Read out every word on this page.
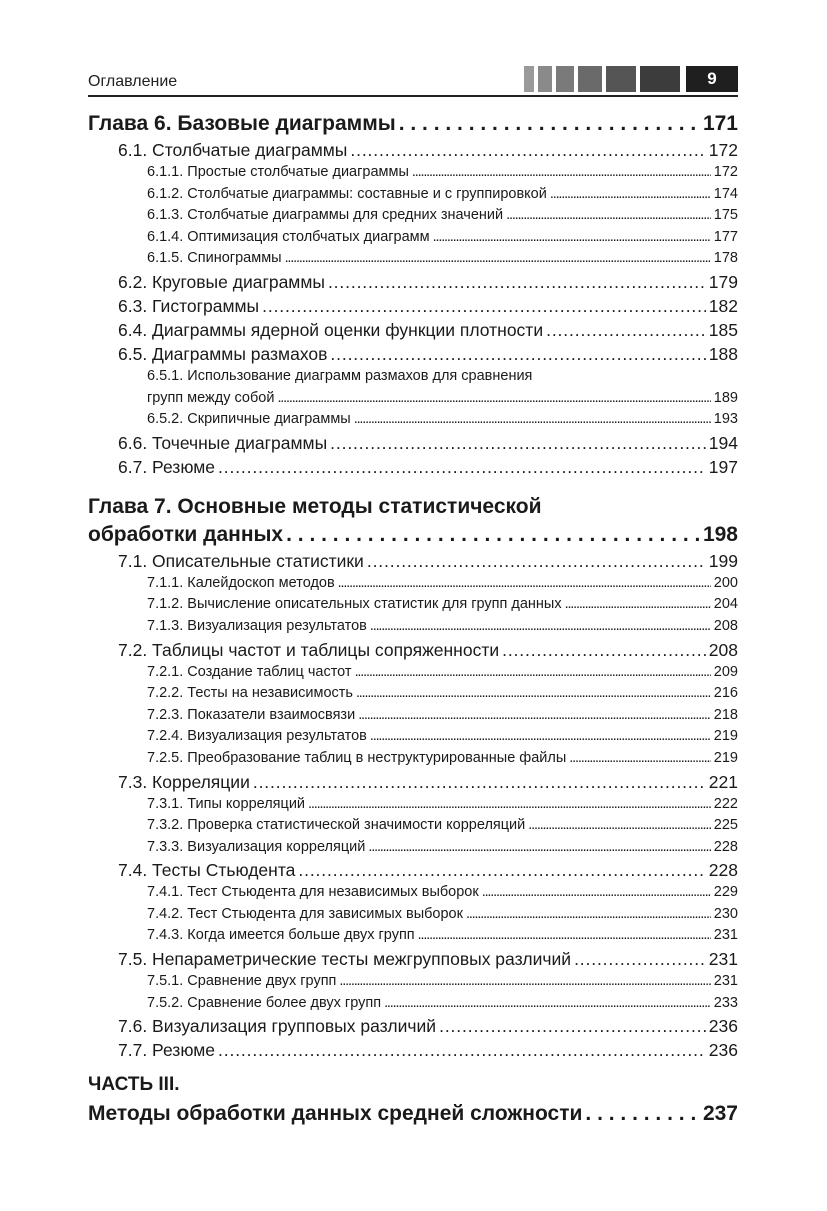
Оглавление	9
Глава 6. Базовые диаграммы . . .	171
6.1. Столбчатые диаграммы . . .	172
6.1.1. Простые столбчатые диаграммы . . .	172
6.1.2. Столбчатые диаграммы: составные и с группировкой . . .	174
6.1.3. Столбчатые диаграммы для средних значений . . .	175
6.1.4. Оптимизация столбчатых диаграмм . . .	177
6.1.5. Спинограммы . . .	178
6.2. Круговые диаграммы . . .	179
6.3. Гистограммы . . .	182
6.4. Диаграммы ядерной оценки функции плотности . . .	185
6.5. Диаграммы размахов . . .	188
6.5.1. Использование диаграмм размахов для сравнения
групп между собой . . .	189
6.5.2. Скрипичные диаграммы . . .	193
6.6. Точечные диаграммы . . .	194
6.7. Резюме . . .	197
Глава 7. Основные методы статистической
обработки данных . . .	198
7.1. Описательные статистики . . .	199
7.1.1. Калейдоскоп методов . . .	200
7.1.2. Вычисление описательных статистик для групп данных . . .	204
7.1.3. Визуализация результатов . . .	208
7.2. Таблицы частот и таблицы сопряженности . . .	208
7.2.1. Создание таблиц частот . . .	209
7.2.2. Тесты на независимость . . .	216
7.2.3. Показатели взаимосвязи . . .	218
7.2.4. Визуализация результатов . . .	219
7.2.5. Преобразование таблиц в неструктурированные файлы . . .	219
7.3. Корреляции . . .	221
7.3.1. Типы корреляций . . .	222
7.3.2. Проверка статистической значимости корреляций . . .	225
7.3.3. Визуализация корреляций . . .	228
7.4. Тесты Стьюдента . . .	228
7.4.1. Тест Стьюдента для независимых выборок . . .	229
7.4.2. Тест Стьюдента для зависимых выборок . . .	230
7.4.3. Когда имеется больше двух групп . . .	231
7.5. Непараметрические тесты межгрупповых различий . . .	231
7.5.1. Сравнение двух групп . . .	231
7.5.2. Сравнение более двух групп . . .	233
7.6. Визуализация групповых различий . . .	236
7.7. Резюме . . .	236
ЧАСТЬ III.
Методы обработки данных средней сложности . . .	237
